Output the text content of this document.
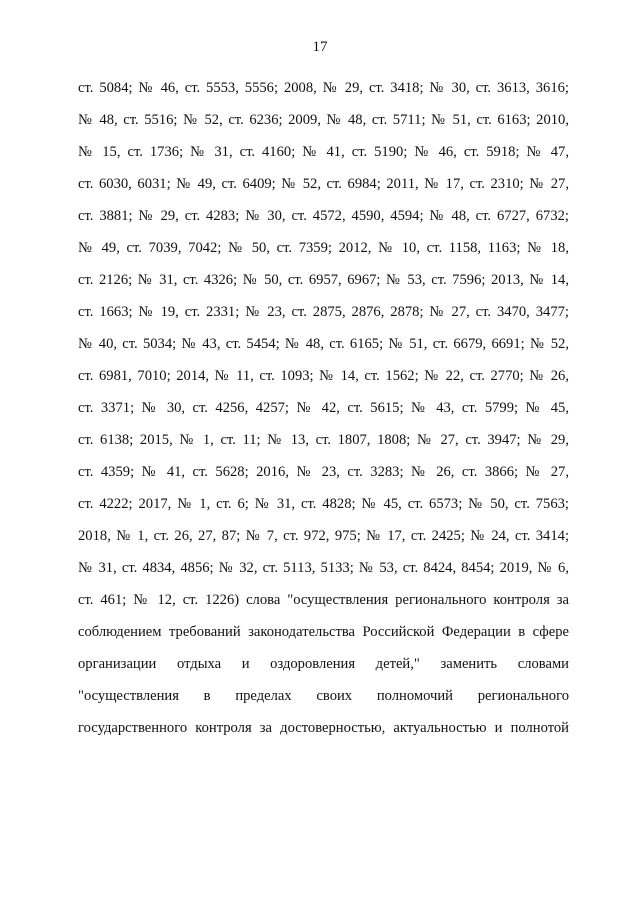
17
ст. 5084; № 46, ст. 5553, 5556; 2008, № 29, ст. 3418; № 30, ст. 3613, 3616;
№ 48, ст. 5516; № 52, ст. 6236; 2009, № 48, ст. 5711; № 51, ст. 6163; 2010,
№ 15, ст. 1736; № 31, ст. 4160; № 41, ст. 5190; № 46, ст. 5918; № 47,
ст. 6030, 6031; № 49, ст. 6409; № 52, ст. 6984; 2011, № 17, ст. 2310; № 27,
ст. 3881; № 29, ст. 4283; № 30, ст. 4572, 4590, 4594; № 48, ст. 6727, 6732;
№ 49, ст. 7039, 7042; № 50, ст. 7359; 2012, № 10, ст. 1158, 1163; № 18,
ст. 2126; № 31, ст. 4326; № 50, ст. 6957, 6967; № 53, ст. 7596; 2013, № 14,
ст. 1663; № 19, ст. 2331; № 23, ст. 2875, 2876, 2878; № 27, ст. 3470, 3477;
№ 40, ст. 5034; № 43, ст. 5454; № 48, ст. 6165; № 51, ст. 6679, 6691; № 52,
ст. 6981, 7010; 2014, № 11, ст. 1093; № 14, ст. 1562; № 22, ст. 2770; № 26,
ст. 3371; № 30, ст. 4256, 4257; № 42, ст. 5615; № 43, ст. 5799; № 45,
ст. 6138; 2015, № 1, ст. 11; № 13, ст. 1807, 1808; № 27, ст. 3947; № 29,
ст. 4359; № 41, ст. 5628; 2016, № 23, ст. 3283; № 26, ст. 3866; № 27,
ст. 4222; 2017, № 1, ст. 6; № 31, ст. 4828; № 45, ст. 6573; № 50, ст. 7563;
2018, № 1, ст. 26, 27, 87; № 7, ст. 972, 975; № 17, ст. 2425; № 24, ст. 3414;
№ 31, ст. 4834, 4856; № 32, ст. 5113, 5133; № 53, ст. 8424, 8454; 2019, № 6,
ст. 461; № 12, ст. 1226) слова "осуществления регионального контроля за
соблюдением требований законодательства Российской Федерации в сфере
организации отдыха и оздоровления детей," заменить словами
"осуществления в пределах своих полномочий регионального
государственного контроля за достоверностью, актуальностью и полнотой
